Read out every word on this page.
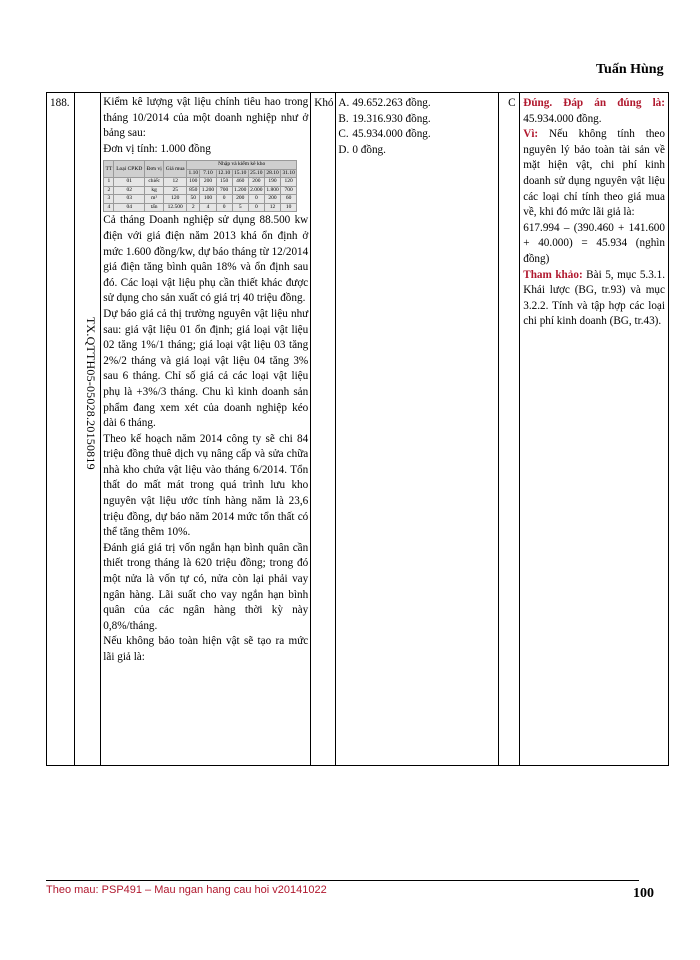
Tuấn Hùng
188.	
TX.QTTH05-05028.20150819

Kiểm kê lượng vật liệu chính tiêu hao trong tháng 10/2014 của một doanh nghiệp như ở bảng sau:

Đơn vị tính: 1.000 đồng

TT	Loại CPKD	Đơn vị	Giá mua	Nhập và kiểm kê kho
1.10	7.10	12.10	15.10	25.10	28.10	31.10
1	01	chiếc	12	100	200	150	460	200	190	120
2	02	kg	25	850	1.200	700	1.200	2.000	1.800	700
3	03	m²	120	50	100	0	200	0	200	60
4	04	tấn	12.500	2	4	0	5	0	12	10

Cả tháng Doanh nghiệp sử dụng 88.500 kw điện với giá điện năm 2013 khá ổn định ở mức 1.600 đồng/kw, dự báo tháng từ 12/2014 giá điện tăng bình quân 18% và ổn định sau đó. Các loại vật liệu phụ cần thiết khác được sử dụng cho sản xuất có giá trị 40 triệu đồng.

Dự báo giá cả thị trường nguyên vật liệu như sau: giá vật liệu 01 ổn định; giá loại vật liệu 02 tăng 1%/1 tháng; giá loại vật liệu 03 tăng 2%/2 tháng và giá loại vật liệu 04 tăng 3% sau 6 tháng. Chỉ số giá cả các loại vật liệu phụ là +3%/3 tháng. Chu kì kinh doanh sản phẩm đang xem xét của doanh nghiệp kéo dài 6 tháng.

Theo kế hoạch năm 2014 công ty sẽ chi 84 triệu đồng thuê dịch vụ nâng cấp và sửa chữa nhà kho chứa vật liệu vào tháng 6/2014. Tổn thất do mất mát trong quá trình lưu kho nguyên vật liệu ước tính hàng năm là 23,6 triệu đồng, dự báo năm 2014 mức tổn thất có thể tăng thêm 10%.

Đánh giá giá trị vốn ngắn hạn bình quân cần thiết trong tháng là 620 triệu đồng; trong đó một nửa là vốn tự có, nửa còn lại phải vay ngân hàng. Lãi suất cho vay ngắn hạn bình quân của các ngân hàng thời kỳ này 0,8%/tháng.

Nếu không bảo toàn hiện vật sẽ tạo ra mức lãi giả là:

	Khó	A. 49.652.263 đồng.
B. 19.316.930 đồng.
C. 45.934.000 đồng.
D. 0 đồng.
	C	Đúng. Đáp án đúng là: 45.934.000 đồng.

Vì: Nếu không tính theo nguyên lý bảo toàn tài sản về mặt hiện vật, chi phí kinh doanh sử dụng nguyên vật liệu các loại chỉ tính theo giá mua về, khi đó mức lãi giả là:

617.994 – (390.460 + 141.600 + 40.000) = 45.934 (nghìn đồng)

Tham khảo: Bài 5, mục 5.3.1. Khái lược (BG, tr.93) và mục 3.2.2. Tính và tập hợp các loại chi phí kinh doanh (BG, tr.43).

Theo mau: PSP491 – Mau ngan hang cau hoi v20141022	100
